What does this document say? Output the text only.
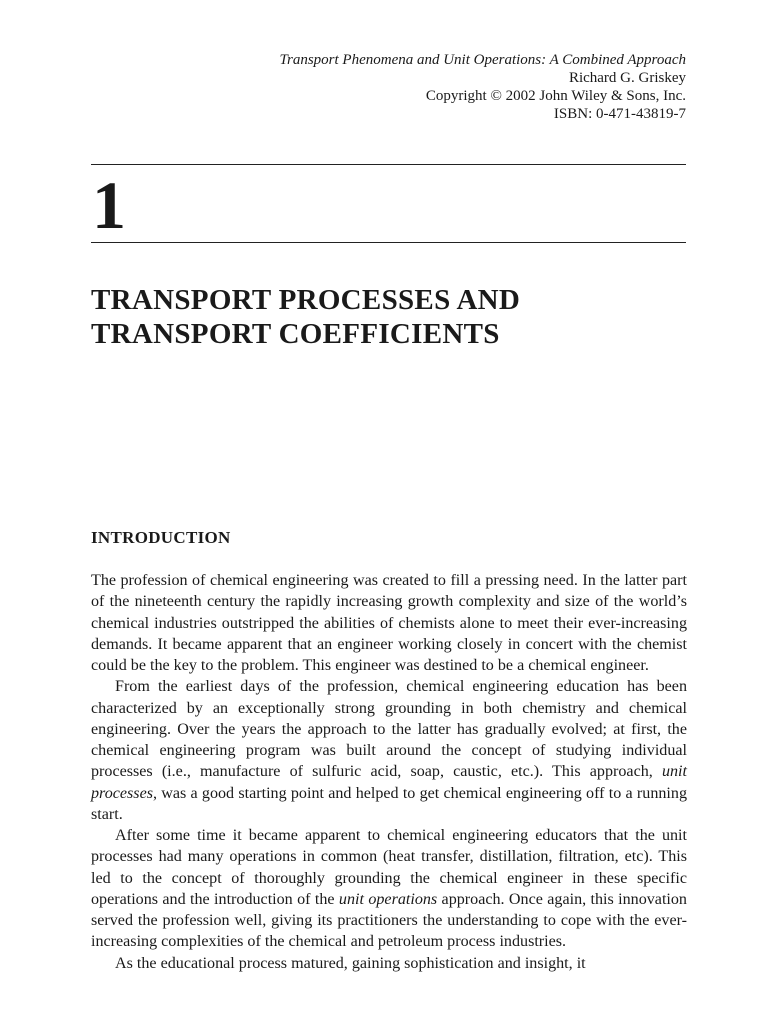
Transport Phenomena and Unit Operations: A Combined Approach
Richard G. Griskey
Copyright © 2002 John Wiley & Sons, Inc.
ISBN: 0-471-43819-7
1
TRANSPORT PROCESSES AND
TRANSPORT COEFFICIENTS
INTRODUCTION

The profession of chemical engineering was created to fill a pressing need. In the latter part of the nineteenth century the rapidly increasing growth complexity and size of the world’s chemical industries outstripped the abilities of chemists alone to meet their ever-increasing demands. It became apparent that an engineer working closely in concert with the chemist could be the key to the problem. This engineer was destined to be a chemical engineer.

From the earliest days of the profession, chemical engineering education has been characterized by an exceptionally strong grounding in both chemistry and chemical engineering. Over the years the approach to the latter has gradually evolved; at first, the chemical engineering program was built around the concept of studying individual processes (i.e., manufacture of sulfuric acid, soap, caustic, etc.). This approach, unit processes, was a good starting point and helped to get chemical engineering off to a running start.

After some time it became apparent to chemical engineering educators that the unit processes had many operations in common (heat transfer, distillation, filtration, etc). This led to the concept of thoroughly grounding the chemical engineer in these specific operations and the introduction of the unit operations approach. Once again, this innovation served the profession well, giving its practitioners the understanding to cope with the ever-increasing complexities of the chemical and petroleum process industries.

As the educational process matured, gaining sophistication and insight, it
